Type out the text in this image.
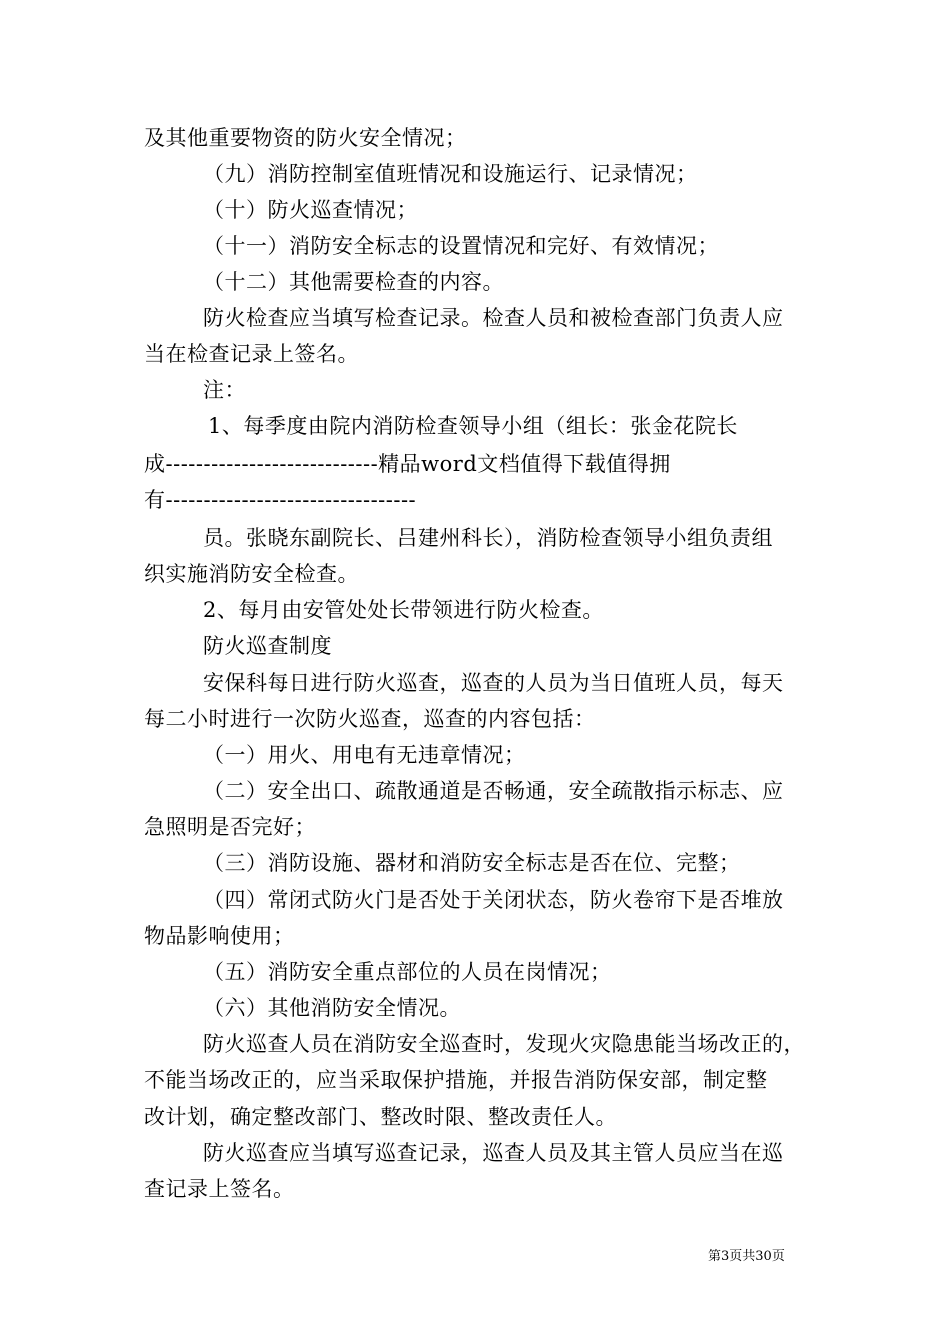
及其他重要物资的防火安全情况；
（九）消防控制室值班情况和设施运行、记录情况；
（十）防火巡查情况；
（十一）消防安全标志的设置情况和完好、有效情况；
（十二）其他需要检查的内容。
防火检查应当填写检查记录。检查人员和被检查部门负责人应
当在检查记录上签名。
注：
1、每季度由院内消防检查领导小组（组长：张金花院长
成----------------------------精品word文档值得下载值得拥
有---------------------------------
员。张晓东副院长、吕建州科长），消防检查领导小组负责组
织实施消防安全检查。
2、每月由安管处处长带领进行防火检查。
防火巡查制度
安保科每日进行防火巡查，巡查的人员为当日值班人员，每天
每二小时进行一次防火巡查，巡查的内容包括：
（一）用火、用电有无违章情况；
（二）安全出口、疏散通道是否畅通，安全疏散指示标志、应
急照明是否完好；
（三）消防设施、器材和消防安全标志是否在位、完整；
（四）常闭式防火门是否处于关闭状态，防火卷帘下是否堆放
物品影响使用；
（五）消防安全重点部位的人员在岗情况；
（六）其他消防安全情况。
防火巡查人员在消防安全巡查时，发现火灾隐患能当场改正的，
不能当场改正的，应当采取保护措施，并报告消防保安部，制定整
改计划，确定整改部门、整改时限、整改责任人。
防火巡查应当填写巡查记录，巡查人员及其主管人员应当在巡
查记录上签名。
第3页共30页
